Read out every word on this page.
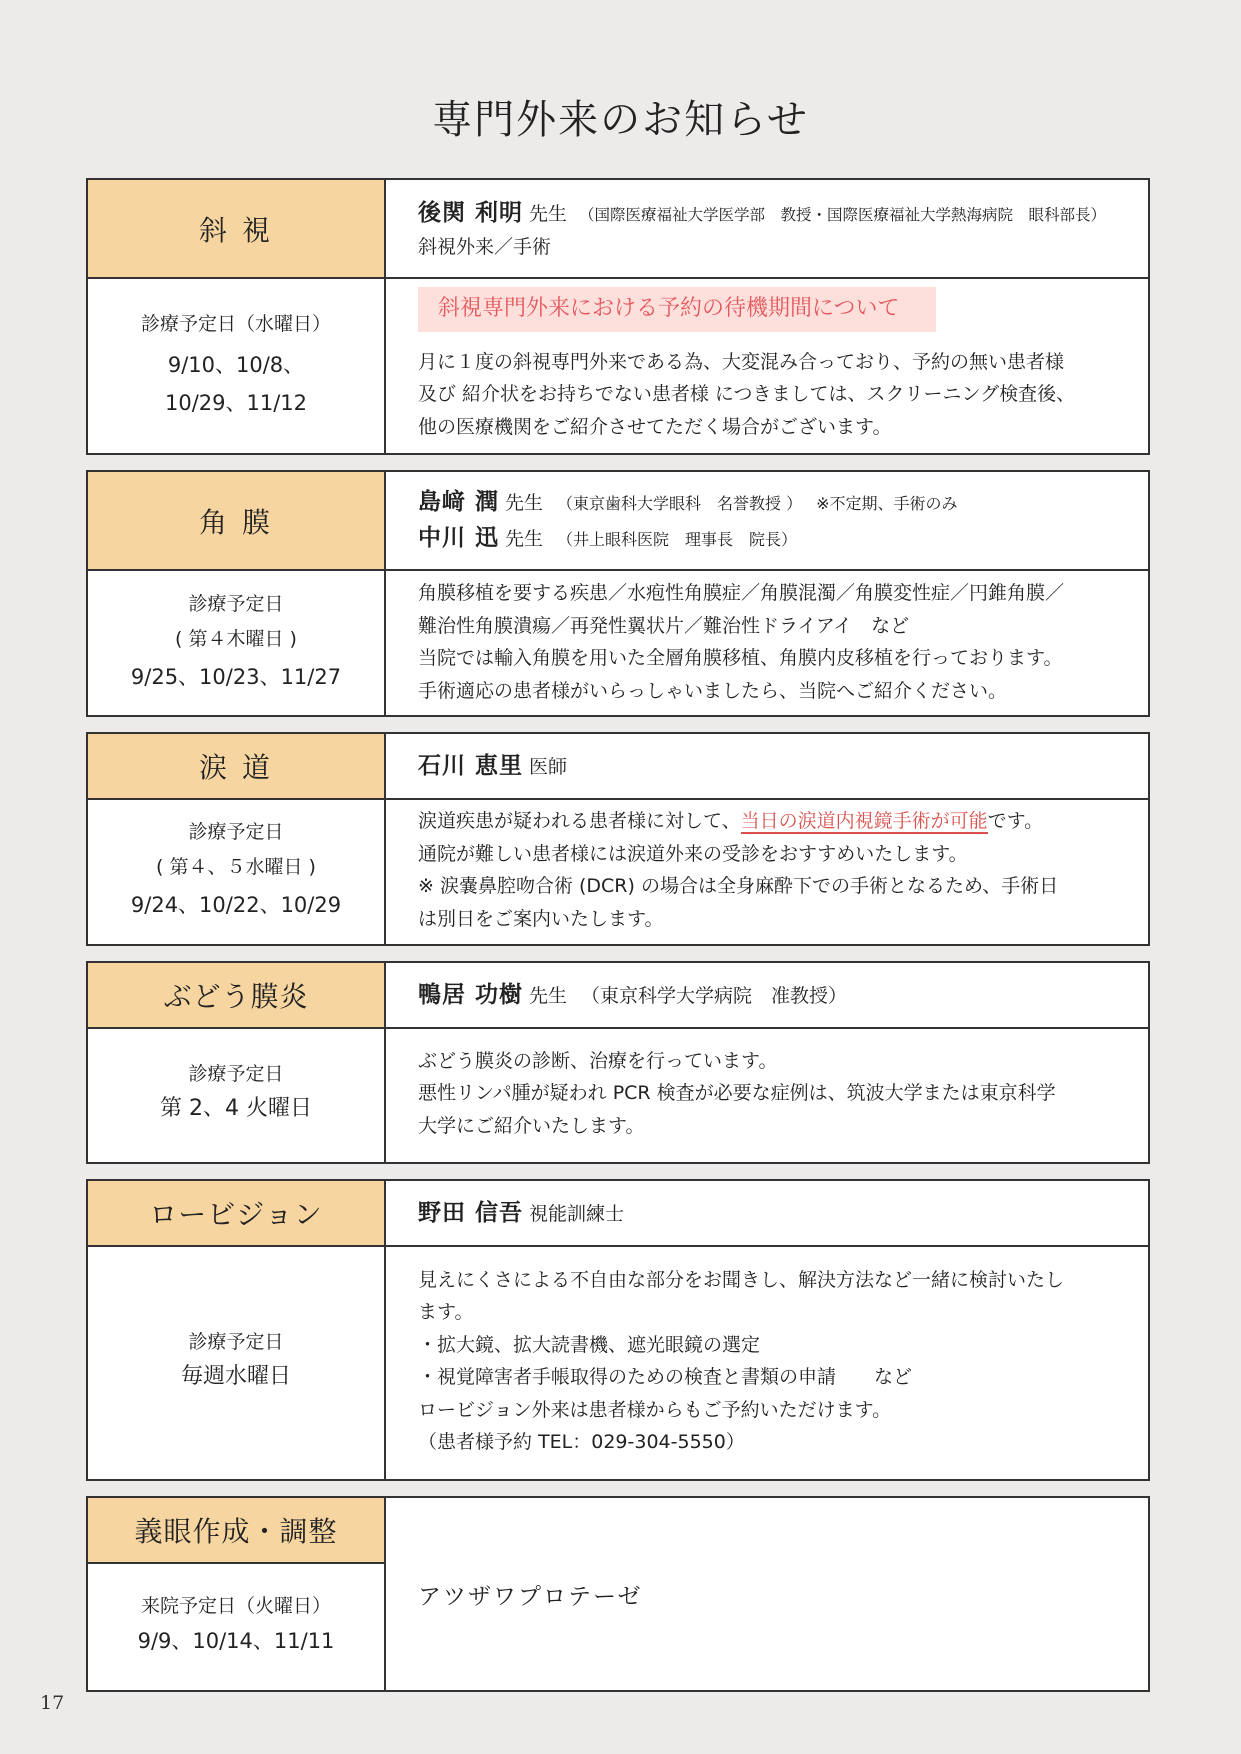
専門外来のお知らせ
斜 視
後関 利明 先生 （国際医療福祉大学医学部　教授・国際医療福祉大学熱海病院　眼科部長）
斜視外来／手術
診療予定日（水曜日）
9/10、10/8、
10/29、11/12
斜視専門外来における予約の待機期間について
月に１度の斜視専門外来である為、大変混み合っており、予約の無い患者様
及び 紹介状をお持ちでない患者様 につきましては、スクリーニング検査後、
他の医療機関をご紹介させてただく場合がございます。
角 膜
島﨑 潤 先生 （東京歯科大学眼科　名誉教授 ） ※不定期、手術のみ
中川 迅 先生 （井上眼科医院　理事長　院長）
診療予定日
( 第４木曜日 )
9/25、10/23、11/27
角膜移植を要する疾患／水疱性角膜症／角膜混濁／角膜変性症／円錐角膜／
難治性角膜潰瘍／再発性翼状片／難治性ドライアイ　など
当院では輸入角膜を用いた全層角膜移植、角膜内皮移植を行っております。
手術適応の患者様がいらっしゃいましたら、当院へご紹介ください。
涙 道	石川 恵里 医師
診療予定日
( 第４、５水曜日 )
9/24、10/22、10/29
涙道疾患が疑われる患者様に対して、当日の涙道内視鏡手術が可能です。
通院が難しい患者様には涙道外来の受診をおすすめいたします。
※ 涙嚢鼻腔吻合術 (DCR) の場合は全身麻酔下での手術となるため、手術日
は別日をご案内いたします。
ぶどう膜炎	鴨居 功樹 先生 （東京科学大学病院　准教授）
診療予定日
第 2、4 火曜日
ぶどう膜炎の診断、治療を行っています。
悪性リンパ腫が疑われ PCR 検査が必要な症例は、筑波大学または東京科学
大学にご紹介いたします。
ロービジョン	野田 信吾 視能訓練士
診療予定日
毎週水曜日
見えにくさによる不自由な部分をお聞きし、解決方法など一緒に検討いたし
ます。
・拡大鏡、拡大読書機、遮光眼鏡の選定
・視覚障害者手帳取得のための検査と書類の申請　　など
ロービジョン外来は患者様からもご予約いただけます。
（患者様予約 TEL：029-304-5550）
義眼作成・調整
来院予定日（火曜日）
9/9、10/14、11/11
アツザワプロテーゼ
17
